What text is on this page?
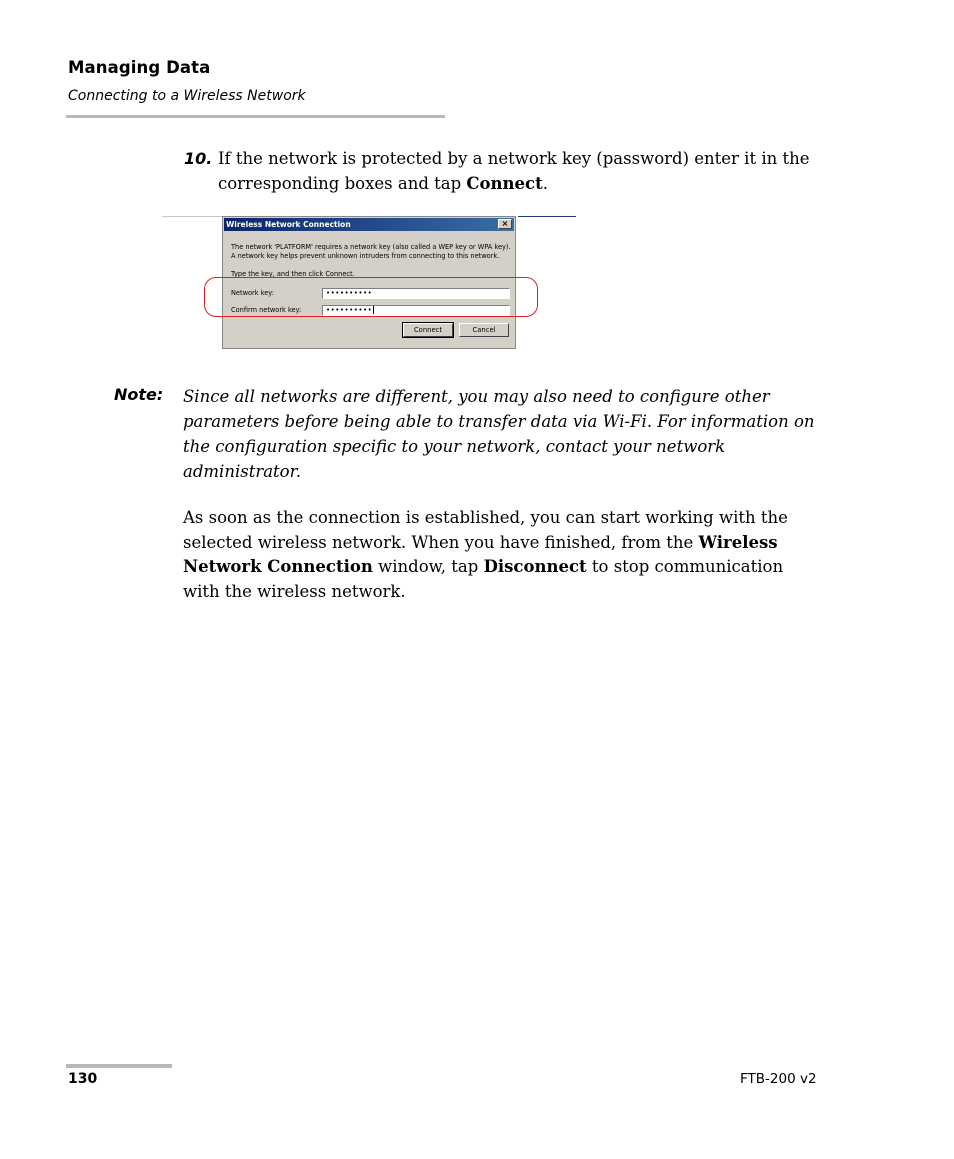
Managing Data
Connecting to a Wireless Network
10. If the network is protected by a network key (password) enter it in the corresponding boxes and tap Connect.
Wireless Network Connection	×
The network 'PLATFORM' requires a network key (also called a WEP key or WPA key). A network key helps prevent unknown intruders from connecting to this network.
Type the key, and then click Connect.
Network key:	••••••••••
Confirm network key:	••••••••••
Connect	Cancel
Note: Since all networks are different, you may also need to configure other parameters before being able to transfer data via Wi-Fi. For information on the configuration specific to your network, contact your network administrator.
As soon as the connection is established, you can start working with the selected wireless network. When you have finished, from the Wireless Network Connection window, tap Disconnect to stop communication with the wireless network.
130	FTB-200 v2
